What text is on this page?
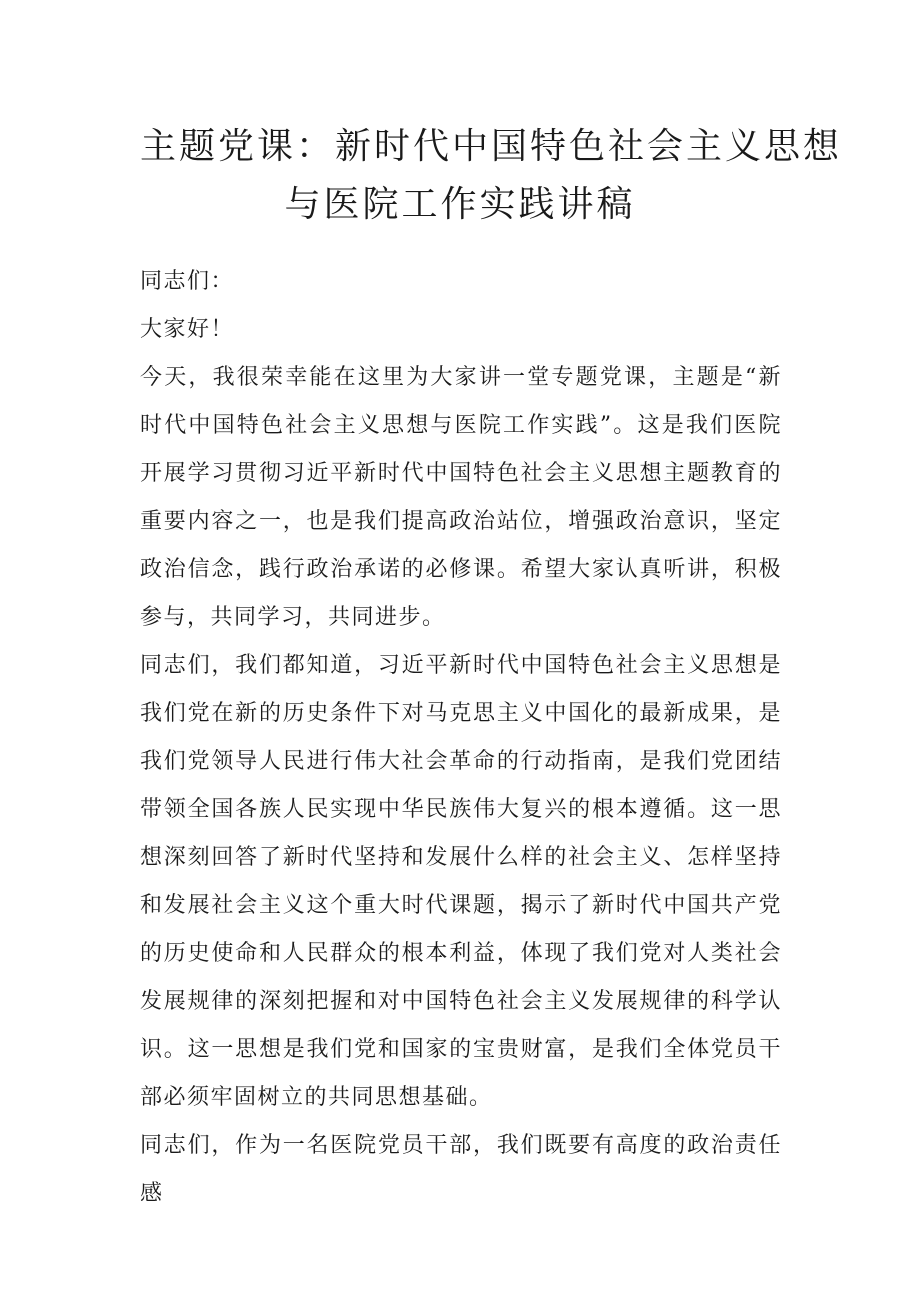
主题党课：新时代中国特色社会主义思想
与医院工作实践讲稿

同志们：

大家好！

今天，我很荣幸能在这里为大家讲一堂专题党课，主题是“新时代中国特色社会主义思想与医院工作实践”。这是我们医院开展学习贯彻习近平新时代中国特色社会主义思想主题教育的重要内容之一，也是我们提高政治站位，增强政治意识，坚定政治信念，践行政治承诺的必修课。希望大家认真听讲，积极参与，共同学习，共同进步。

同志们，我们都知道，习近平新时代中国特色社会主义思想是我们党在新的历史条件下对马克思主义中国化的最新成果，是我们党领导人民进行伟大社会革命的行动指南，是我们党团结带领全国各族人民实现中华民族伟大复兴的根本遵循。这一思想深刻回答了新时代坚持和发展什么样的社会主义、怎样坚持和发展社会主义这个重大时代课题，揭示了新时代中国共产党的历史使命和人民群众的根本利益，体现了我们党对人类社会发展规律的深刻把握和对中国特色社会主义发展规律的科学认识。这一思想是我们党和国家的宝贵财富，是我们全体党员干部必须牢固树立的共同思想基础。

同志们，作为一名医院党员干部，我们既要有高度的政治责任感
